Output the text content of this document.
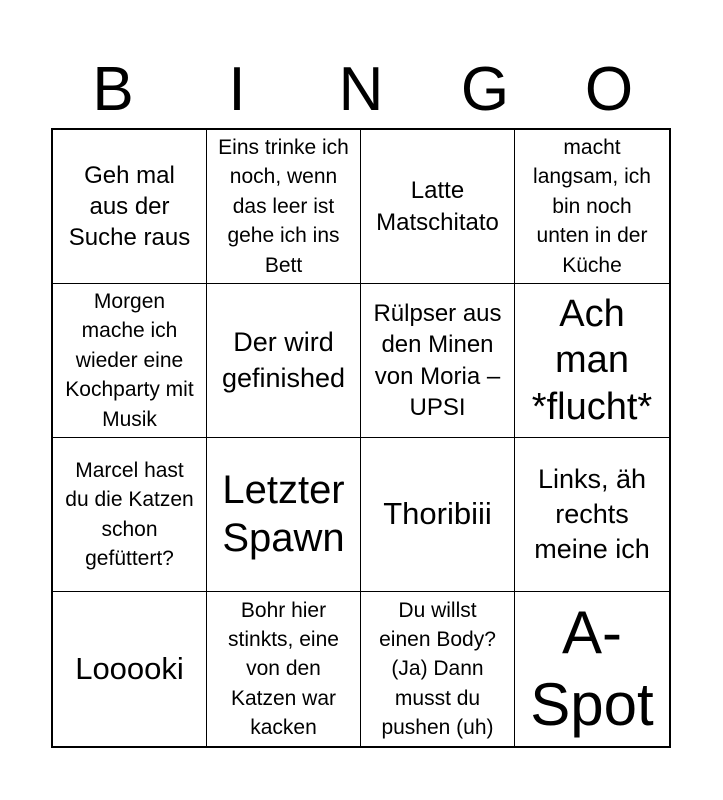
B	I	N	G	O
Geh mal aus der Suche raus
Eins trinke ich noch, wenn das leer ist gehe ich ins Bett
Latte Matschitato
macht langsam, ich bin noch unten in der Küche
Morgen mache ich wieder eine Kochparty mit Musik
Der wird gefinished
Rülpser aus den Minen von Moria – UPSI
Ach man *flucht*
Marcel hast du die Katzen schon gefüttert?
Letzter Spawn
Thoribiii
Links, äh rechts meine ich
Looooki
Bohr hier stinkts, eine von den Katzen war kacken
Du willst einen Body? (Ja) Dann musst du pushen (uh)
A-Spot
